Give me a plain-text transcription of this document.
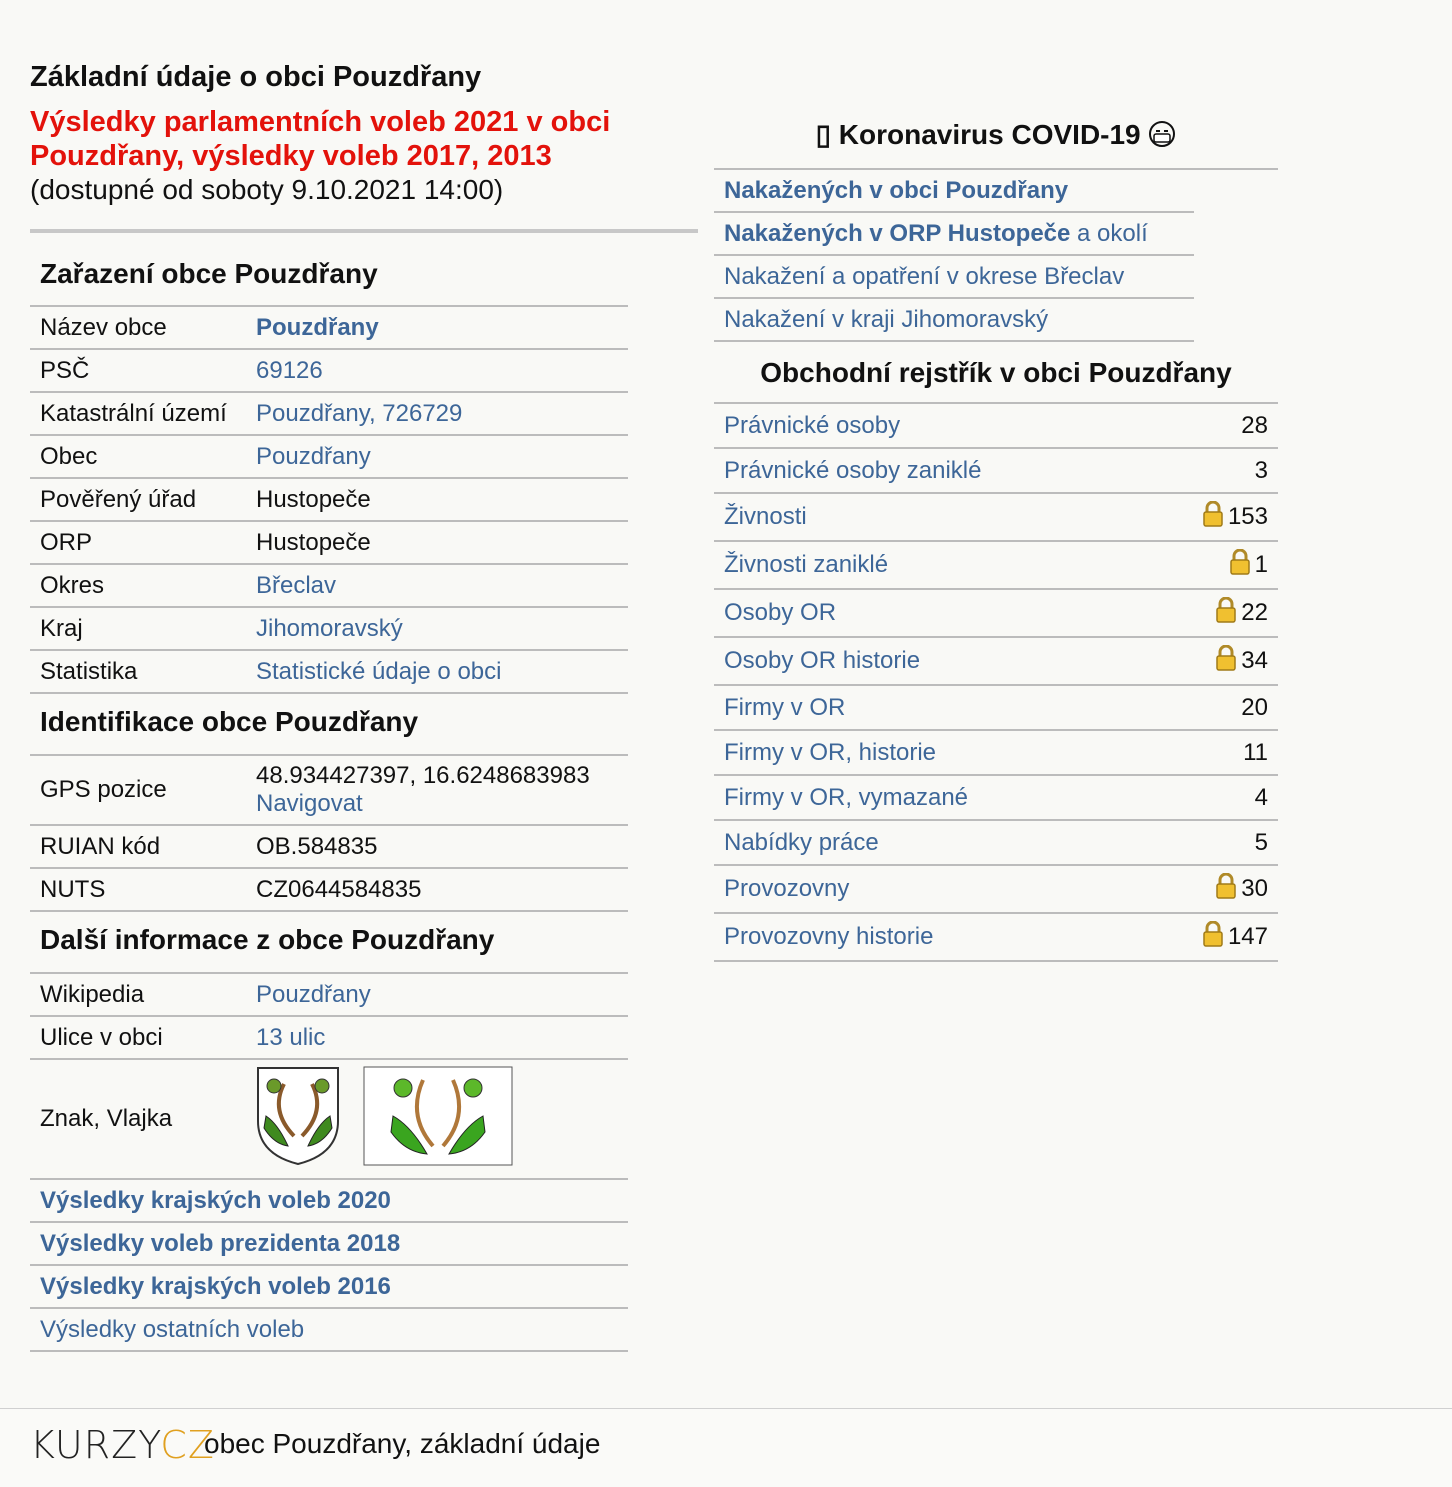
Základní údaje o obci Pouzdřany
Výsledky parlamentních voleb 2021 v obci Pouzdřany, výsledky voleb 2017, 2013
(dostupné od soboty 9.10.2021 14:00)
Zařazení obce Pouzdřany
Název obce	Pouzdřany
PSČ	69126
Katastrální území	Pouzdřany, 726729
Obec	Pouzdřany
Pověřený úřad	Hustopeče
ORP	Hustopeče
Okres	Břeclav
Kraj	Jihomoravský
Statistika	Statistické údaje o obci
Identifikace obce Pouzdřany
GPS pozice	48.934427397, 16.6248683983
Navigovat
RUIAN kód	OB.584835
NUTS	CZ0644584835
Další informace z obce Pouzdřany
Wikipedia	Pouzdřany
Ulice v obci	13 ulic
Znak, Vlajka	
Výsledky krajských voleb 2020
Výsledky voleb prezidenta 2018
Výsledky krajských voleb 2016
Výsledky ostatních voleb
▯ Koronavirus COVID-19
Nakažených v obci Pouzdřany
Nakažených v ORP Hustopeče a okolí
Nakažení a opatření v okrese Břeclav
Nakažení v kraji Jihomoravský
Obchodní rejstřík v obci Pouzdřany
Právnické osoby	28
Právnické osoby zaniklé	3
Živnosti	153
Živnosti zaniklé	1
Osoby OR	22
Osoby OR historie	34
Firmy v OR	20
Firmy v OR, historie	11
Firmy v OR, vymazané	4
Nabídky práce	5
Provozovny	30
Provozovny historie	147
KURZYCZ
obec Pouzdřany, základní údaje
